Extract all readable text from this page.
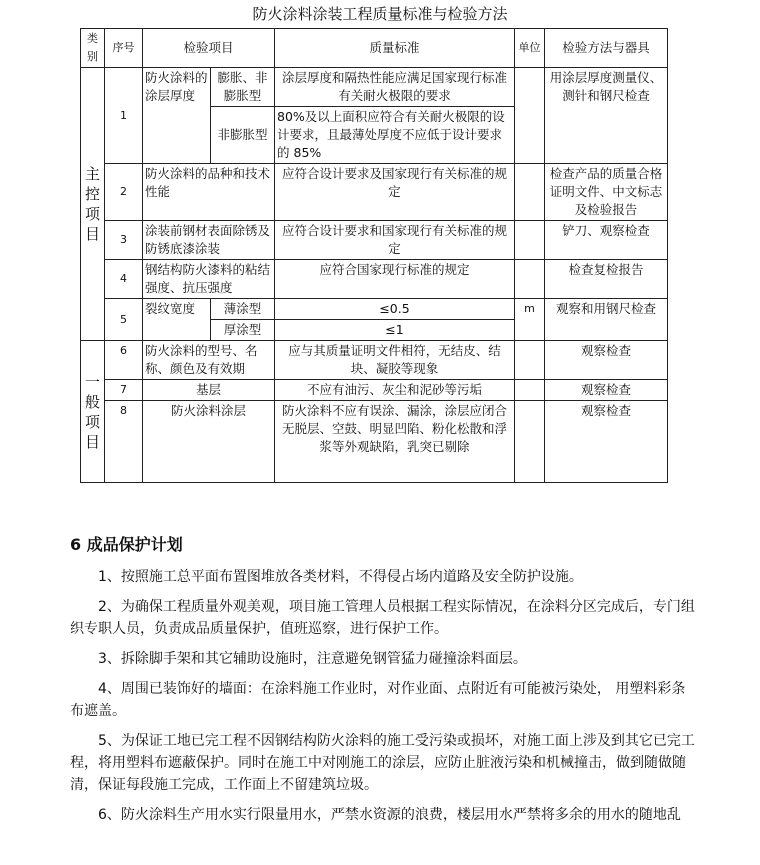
防火涂料涂装工程质量标准与检验方法
类别	序号	检验项目		质量标准	单位	检验方法与器具
主控项目	1	防火涂料的涂层厚度	膨胀、非膨胀型	涂层厚度和隔热性能应满足国家现行标准有关耐火极限的要求		用涂层厚度测量仪、测针和钢尺检查
			非膨胀型	80%及以上面积应符合有关耐火极限的设计要求，且最薄处厚度不应低于设计要求的 85%		
	2	防火涂料的品种和技术性能		应符合设计要求及国家现行有关标准的规定		检查产品的质量合格证明文件、中文标志及检验报告
	3	涂装前钢材表面除锈及防锈底漆涂装		应符合设计要求和国家现行有关标准的规定		铲刀、观察检查
	4	钢结构防火漆料的粘结强度、抗压强度		应符合国家现行标准的规定		检查复检报告
	5	裂纹宽度	薄涂型	≤0.5	m	观察和用钢尺检查
			厚涂型	≤1		
一般项目	6	防火涂料的型号、名称、颜色及有效期		应与其质量证明文件相符，无结皮、结块、凝胶等现象		观察检查
	7	基层		不应有油污、灰尘和泥砂等污垢		观察检查
	8	防火涂料涂层		防火涂料不应有误涂、漏涂，涂层应闭合无脱层、空鼓、明显凹陷、粉化松散和浮浆等外观缺陷，乳突已剔除		观察检查
6 成品保护计划

1、按照施工总平面布置图堆放各类材料，不得侵占场内道路及安全防护设施。

2、为确保工程质量外观美观，项目施工管理人员根据工程实际情况，在涂料分区完成后，专门组织专职人员，负责成品质量保护，值班巡察，进行保护工作。

3、拆除脚手架和其它辅助设施时，注意避免钢管猛力碰撞涂料面层。

4、周围已装饰好的墙面：在涂料施工作业时，对作业面、点附近有可能被污染处， 用塑料彩条布遮盖。

5、为保证工地已完工程不因钢结构防火涂料的施工受污染或损坏，对施工面上涉及到其它已完工程，将用塑料布遮蔽保护。同时在施工中对刚施工的涂层，应防止脏液污染和机械撞击，做到随做随清，保证每段施工完成，工作面上不留建筑垃圾。

6、防火涂料生产用水实行限量用水，严禁水资源的浪费，楼层用水严禁将多余的用水的随地乱
